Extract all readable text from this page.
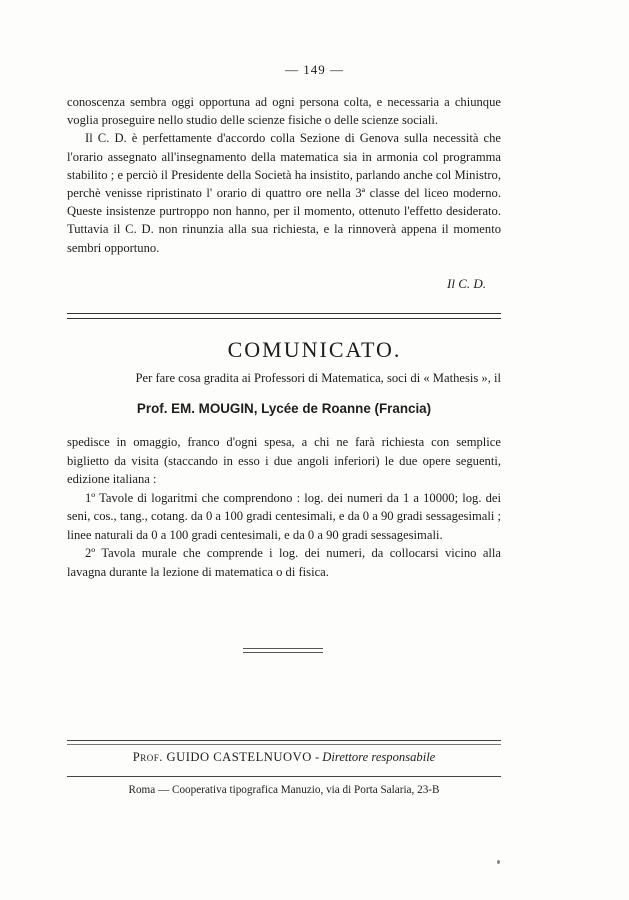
— 149 —

conoscenza sembra oggi opportuna ad ogni persona colta, e necessaria a chiunque voglia proseguire nello studio delle scienze fisiche o delle scienze sociali.

Il C. D. è perfettamente d'accordo colla Sezione di Genova sulla necessità che l'orario assegnato all'insegnamento della matematica sia in armonia col programma stabilito ; e perciò il Presidente della Società ha insistito, parlando anche col Ministro, perchè venisse ripristinato l' orario di quattro ore nella 3ª classe del liceo moderno. Queste insistenze purtroppo non hanno, per il momento, ottenuto l'effetto desiderato. Tuttavia il C. D. non rinunzia alla sua richiesta, e la rinnoverà appena il momento sembri opportuno.

Il C. D.
COMUNICATO.
Per fare cosa gradita ai Professori di Matematica, soci di « Mathesis », il
Prof. EM. MOUGIN, Lycée de Roanne (Francia)

spedisce in omaggio, franco d'ogni spesa, a chi ne farà richiesta con semplice biglietto da visita (staccando in esso i due angoli inferiori) le due opere seguenti, edizione italiana :

1º Tavole di logaritmi che comprendono : log. dei numeri da 1 a 10000; log. dei seni, cos., tang., cotang. da 0 a 100 gradi centesimali, e da 0 a 90 gradi sessagesimali ; linee naturali da 0 a 100 gradi centesimali, e da 0 a 90 gradi sessagesimali.

2º Tavola murale che comprende i log. dei numeri, da collocarsi vicino alla lavagna durante la lezione di matematica o di fisica.

Prof. GUIDO CASTELNUOVO - Direttore responsabile
Roma — Cooperativa tipografica Manuzio, via di Porta Salaria, 23-B
